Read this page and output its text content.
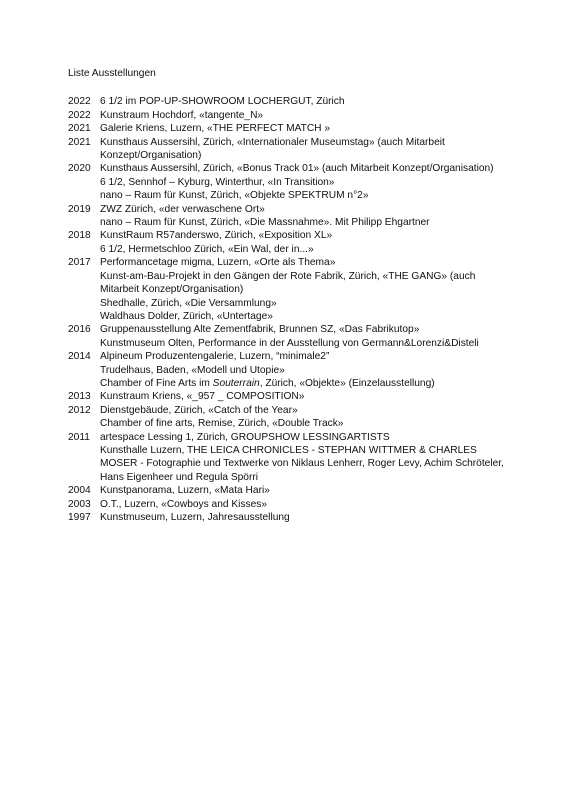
Liste Ausstellungen
2022 6 1/2 im POP-UP-SHOWROOM LOCHERGUT, Zürich
2022 Kunstraum Hochdorf, «tangente_N»
2021 Galerie Kriens, Luzern, «THE PERFECT MATCH »
2021 Kunsthaus Aussersihl, Zürich, «Internationaler Museumstag» (auch Mitarbeit Konzept/Organisation)
2020 Kunsthaus Aussersihl, Zürich, «Bonus Track 01» (auch Mitarbeit Konzept/Organisation)
6 1/2, Sennhof – Kyburg, Winterthur, «In Transition»
nano – Raum für Kunst, Zürich, «Objekte SPEKTRUM n°2»
2019 ZWZ Zürich, «der verwaschene Ort»
nano – Raum für Kunst, Zürich, «Die Massnahme». Mit Philipp Ehgartner
2018 KunstRaum R57anderswo, Zürich, «Exposition XL»
6 1/2, Hermetschloo Zürich, «Ein Wal, der in...»
2017 Performancetage migma, Luzern, «Orte als Thema»
Kunst-am-Bau-Projekt in den Gängen der Rote Fabrik, Zürich, «THE GANG» (auch Mitarbeit Konzept/Organisation)
Shedhalle, Zürich, «Die Versammlung»
Waldhaus Dolder, Zürich, «Untertage»
2016 Gruppenausstellung Alte Zementfabrik, Brunnen SZ, «Das Fabrikutop»
Kunstmuseum Olten, Performance in der Ausstellung von Germann&Lorenzi&Disteli
2014 Alpineum Produzentengalerie, Luzern, “minimale2”
Trudelhaus, Baden, «Modell und Utopie»
Chamber of Fine Arts im Souterrain, Zürich, «Objekte» (Einzelausstellung)
2013 Kunstraum Kriens, «_957 _ COMPOSITION»
2012 Dienstgebäude, Zürich, «Catch of the Year»
Chamber of fine arts, Remise, Zürich, «Double Track»
2011 artespace Lessing 1, Zürich, GROUPSHOW LESSINGARTISTS
Kunsthalle Luzern, THE LEICA CHRONICLES - STEPHAN WITTMER & CHARLES MOSER - Fotographie und Textwerke von Niklaus Lenherr, Roger Levy, Achim Schröteler, Hans Eigenheer und Regula Spörri
2004 Kunstpanorama, Luzern, «Mata Hari»
2003 O.T., Luzern, «Cowboys and Kisses»
1997 Kunstmuseum, Luzern, Jahresausstellung
